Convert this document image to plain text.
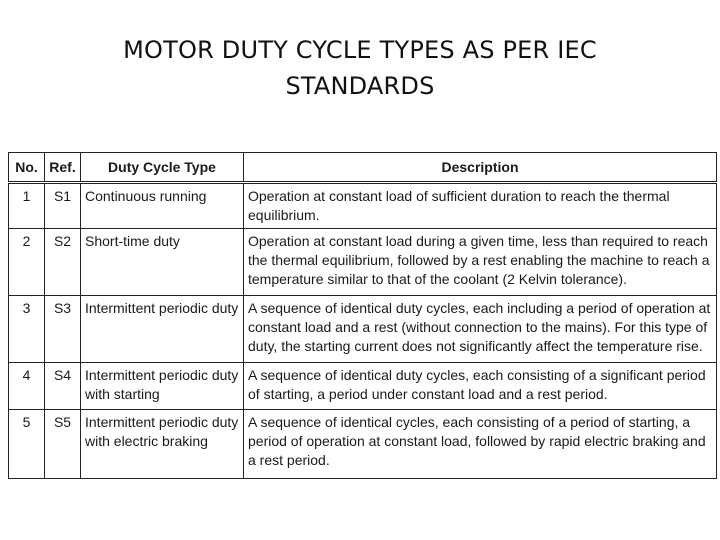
MOTOR DUTY CYCLE TYPES AS PER IEC
STANDARDS
No.	Ref.	Duty Cycle Type	Description
1	S1	Continuous running	Operation at constant load of sufficient duration to reach the thermal equilibrium.
2	S2	Short-time duty	Operation at constant load during a given time, less than required to reach the thermal equilibrium, followed by a rest enabling the machine to reach a temperature similar to that of the coolant (2 Kelvin tolerance).
3	S3	Intermittent periodic duty	A sequence of identical duty cycles, each including a period of operation at constant load and a rest (without connection to the mains). For this type of duty, the starting current does not significantly affect the temperature rise.
4	S4	Intermittent periodic duty with starting	A sequence of identical duty cycles, each consisting of a significant period of starting, a period under constant load and a rest period.
5	S5	Intermittent periodic duty with electric braking	A sequence of identical cycles, each consisting of a period of starting, a period of operation at constant load, followed by rapid electric braking and a rest period.
